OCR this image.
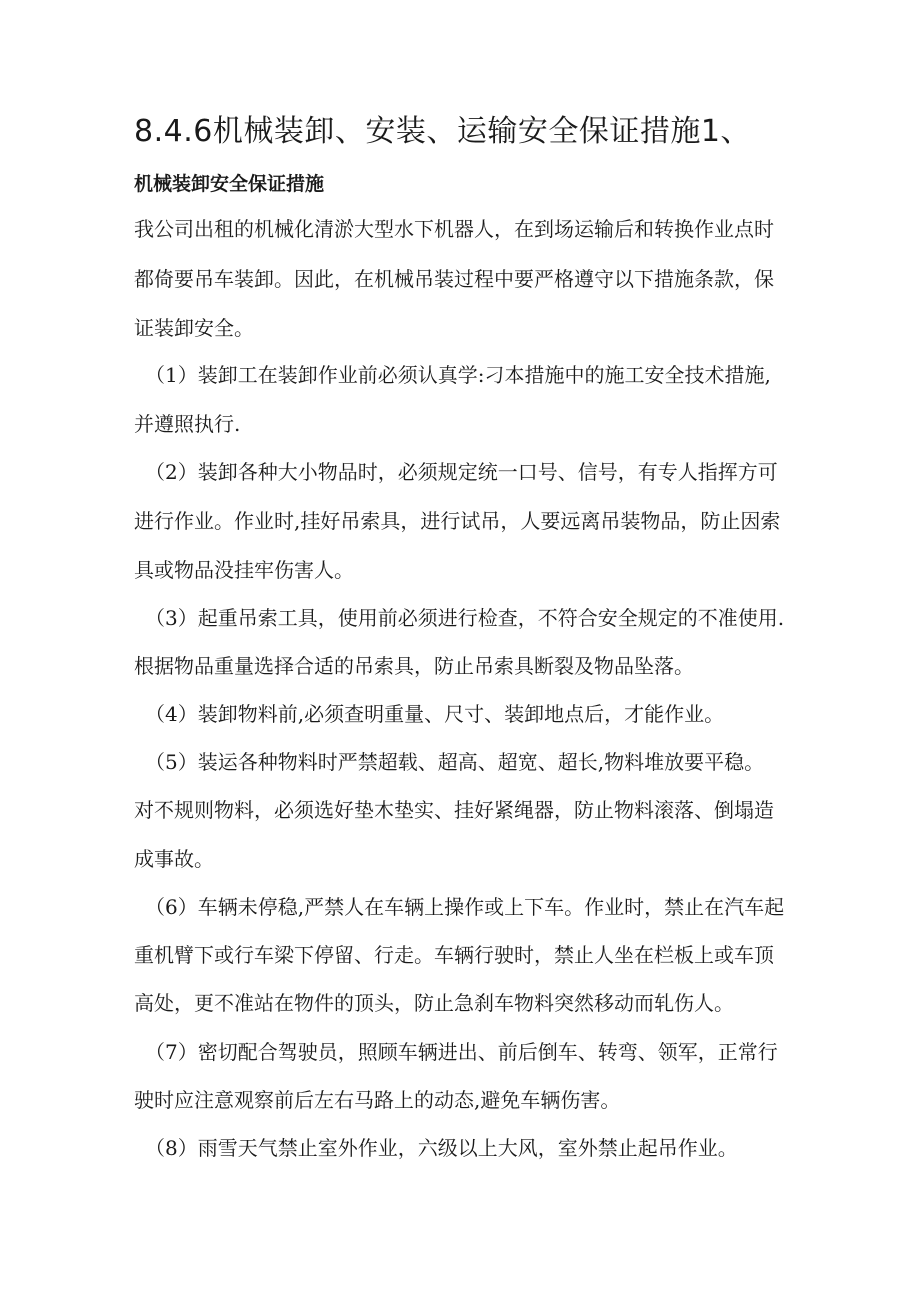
8.4.6机械装卸、安装、运输安全保证措施1、
机械装卸安全保证措施
我公司出租的机械化清淤大型水下机器人，在到场运输后和转换作业点时
都倚要吊车装卸。因此，在机械吊装过程中要严格遵守以下措施条款，保
证装卸安全。
（1）装卸工在装卸作业前必须认真学:刁本措施中的施工安全技术措施,
并遵照执行.
（2）装卸各种大小物品时，必须规定统一口号、信号，有专人指挥方可
进行作业。作业时,挂好吊索具，进行试吊，人要远离吊装物品，防止因索
具或物品没挂牢伤害人。
（3）起重吊索工具，使用前必须进行检查，不符合安全规定的不准使用.
根据物品重量选择合适的吊索具，防止吊索具断裂及物品坠落。
（4）装卸物料前,必须查明重量、尺寸、装卸地点后，才能作业。
（5）装运各种物料时严禁超载、超高、超宽、超长,物料堆放要平稳。
对不规则物料，必须选好垫木垫实、挂好紧绳器，防止物料滚落、倒塌造
成事故。
（6）车辆未停稳,严禁人在车辆上操作或上下车。作业时，禁止在汽车起
重机臂下或行车梁下停留、行走。车辆行驶时，禁止人坐在栏板上或车顶
高处，更不准站在物件的顶头，防止急刹车物料突然移动而轧伤人。
（7）密切配合驾驶员，照顾车辆进出、前后倒车、转弯、领军，正常行
驶时应注意观察前后左右马路上的动态,避免车辆伤害。
（8）雨雪天气禁止室外作业，六级以上大风，室外禁止起吊作业。
